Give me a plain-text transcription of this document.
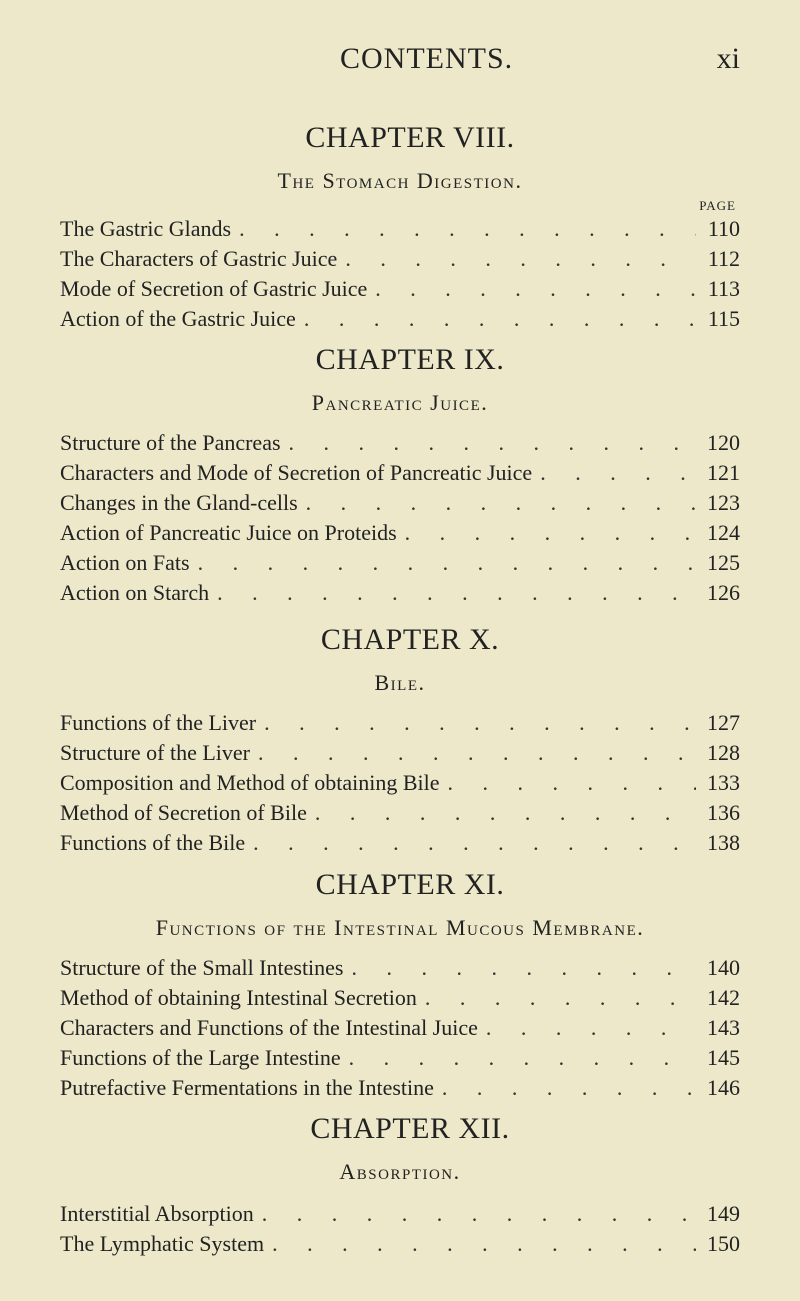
CONTENTS.	xi
CHAPTER VIII.
The Stomach Digestion.
PAGE
The Gastric Glands . . .	110
The Characters of Gastric Juice . . .	112
Mode of Secretion of Gastric Juice . . .	113
Action of the Gastric Juice . . .	115
CHAPTER IX.
Pancreatic Juice.
Structure of the Pancreas . . .	120
Characters and Mode of Secretion of Pancreatic Juice . . .	121
Changes in the Gland-cells . . .	123
Action of Pancreatic Juice on Proteids . . .	124
Action on Fats . . .	125
Action on Starch . . .	126
CHAPTER X.
Bile.
Functions of the Liver . . .	127
Structure of the Liver . . .	128
Composition and Method of obtaining Bile . . .	133
Method of Secretion of Bile . . .	136
Functions of the Bile . . .	138
CHAPTER XI.
Functions of the Intestinal Mucous Membrane.
Structure of the Small Intestines . . .	140
Method of obtaining Intestinal Secretion . . .	142
Characters and Functions of the Intestinal Juice . . .	143
Functions of the Large Intestine . . .	145
Putrefactive Fermentations in the Intestine . . .	146
CHAPTER XII.
Absorption.
Interstitial Absorption . . .	149
The Lymphatic System . . .	150
